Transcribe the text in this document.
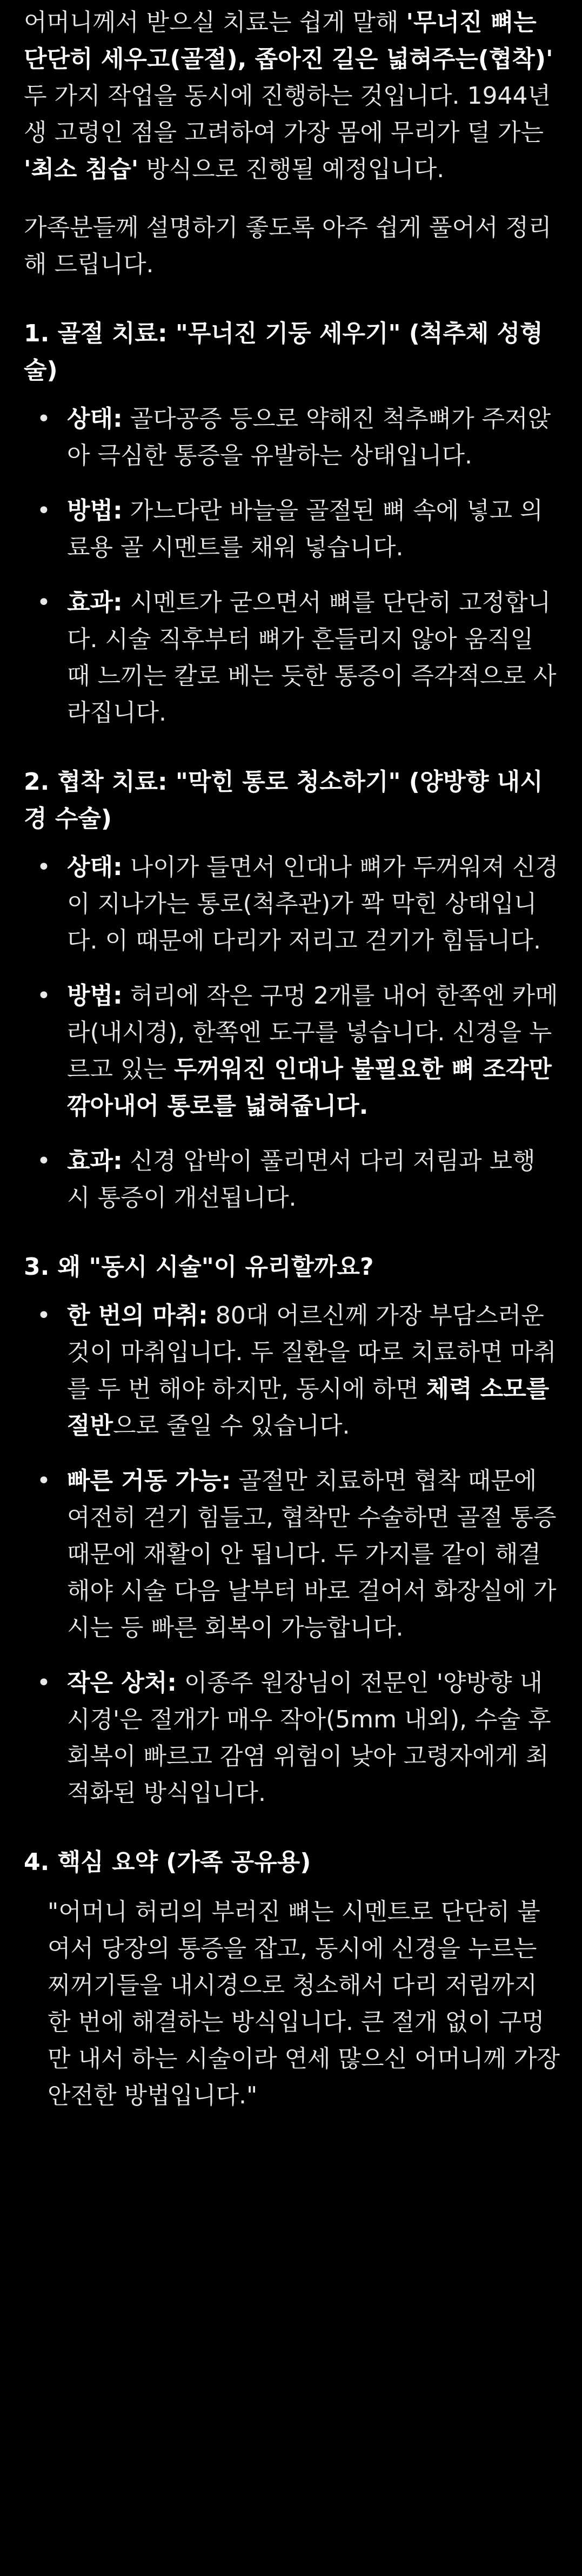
어머니께서 받으실 치료는 쉽게 말해 '무너진 뼈는 단단히 세우고(골절), 좁아진 길은 넓혀주는(협착)' 두 가지 작업을 동시에 진행하는 것입니다. 1944년생 고령인 점을 고려하여 가장 몸에 무리가 덜 가는 '최소 침습' 방식으로 진행될 예정입니다.

가족분들께 설명하기 좋도록 아주 쉽게 풀어서 정리해 드립니다.

1. 골절 치료: "무너진 기둥 세우기" (척추체 성형술)
• 상태: 골다공증 등으로 약해진 척추뼈가 주저앉아 극심한 통증을 유발하는 상태입니다.
• 방법: 가느다란 바늘을 골절된 뼈 속에 넣고 의료용 골 시멘트를 채워 넣습니다.
• 효과: 시멘트가 굳으면서 뼈를 단단히 고정합니다. 시술 직후부터 뼈가 흔들리지 않아 움직일 때 느끼는 칼로 베는 듯한 통증이 즉각적으로 사라집니다.
2. 협착 치료: "막힌 통로 청소하기" (양방향 내시경 수술)
• 상태: 나이가 들면서 인대나 뼈가 두꺼워져 신경이 지나가는 통로(척추관)가 꽉 막힌 상태입니다. 이 때문에 다리가 저리고 걷기가 힘듭니다.
• 방법: 허리에 작은 구멍 2개를 내어 한쪽엔 카메라(내시경), 한쪽엔 도구를 넣습니다. 신경을 누르고 있는 두꺼워진 인대나 불필요한 뼈 조각만 깎아내어 통로를 넓혀줍니다.
• 효과: 신경 압박이 풀리면서 다리 저림과 보행 시 통증이 개선됩니다.
3. 왜 "동시 시술"이 유리할까요?
• 한 번의 마취: 80대 어르신께 가장 부담스러운 것이 마취입니다. 두 질환을 따로 치료하면 마취를 두 번 해야 하지만, 동시에 하면 체력 소모를 절반으로 줄일 수 있습니다.
• 빠른 거동 가능: 골절만 치료하면 협착 때문에 여전히 걷기 힘들고, 협착만 수술하면 골절 통증 때문에 재활이 안 됩니다. 두 가지를 같이 해결해야 시술 다음 날부터 바로 걸어서 화장실에 가시는 등 빠른 회복이 가능합니다.
• 작은 상처: 이종주 원장님이 전문인 '양방향 내시경'은 절개가 매우 작아(5mm 내외), 수술 후 회복이 빠르고 감염 위험이 낮아 고령자에게 최적화된 방식입니다.
4. 핵심 요약 (가족 공유용)

"어머니 허리의 부러진 뼈는 시멘트로 단단히 붙여서 당장의 통증을 잡고, 동시에 신경을 누르는 찌꺼기들을 내시경으로 청소해서 다리 저림까지 한 번에 해결하는 방식입니다. 큰 절개 없이 구멍만 내서 하는 시술이라 연세 많으신 어머니께 가장 안전한 방법입니다."
